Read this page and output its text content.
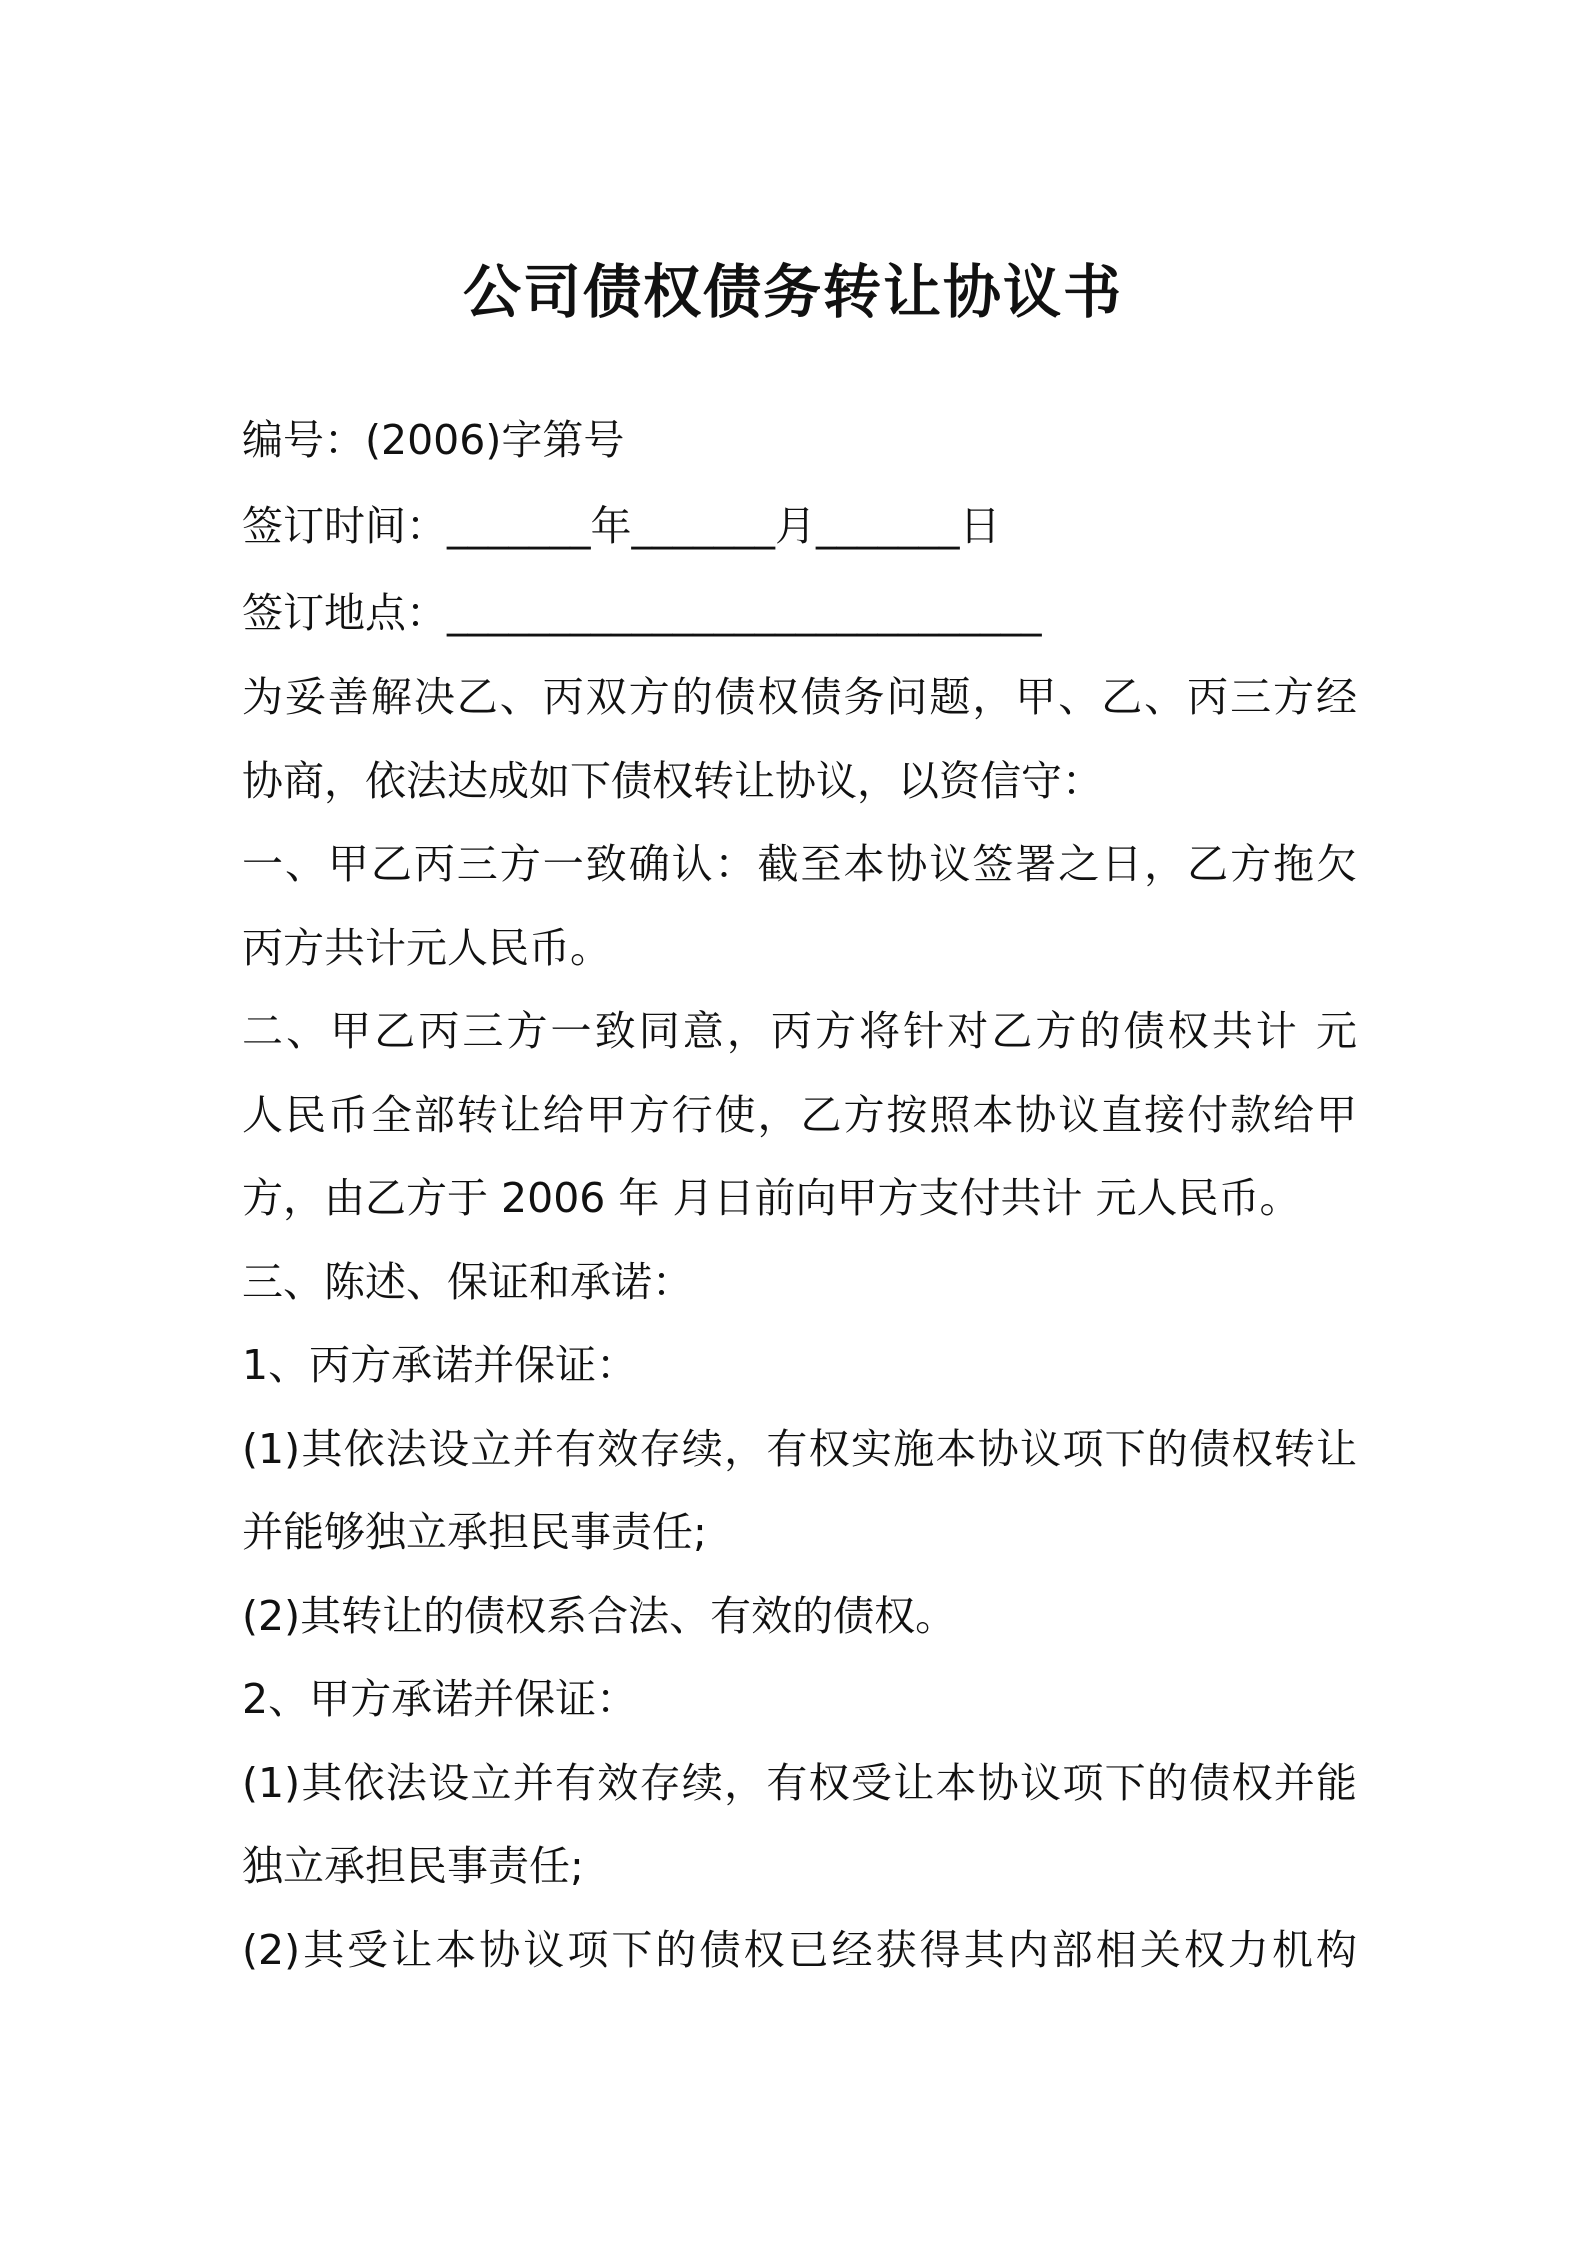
公司债权债务转让协议书
编号：(2006)字第号
签订时间：_______年_______月_______日
签订地点：_____________________________
为妥善解决乙、丙双方的债权债务问题，甲、乙、丙三方经
协商，依法达成如下债权转让协议，以资信守：
一、甲乙丙三方一致确认：截至本协议签署之日，乙方拖欠
丙方共计元人民币。
二、甲乙丙三方一致同意，丙方将针对乙方的债权共计 元
人民币全部转让给甲方行使，乙方按照本协议直接付款给甲
方，由乙方于 2006 年 月日前向甲方支付共计 元人民币。
三、陈述、保证和承诺：
1、丙方承诺并保证：
(1)其依法设立并有效存续，有权实施本协议项下的债权转让
并能够独立承担民事责任;
(2)其转让的债权系合法、有效的债权。
2、甲方承诺并保证：
(1)其依法设立并有效存续，有权受让本协议项下的债权并能
独立承担民事责任;
(2)其受让本协议项下的债权已经获得其内部相关权力机构
